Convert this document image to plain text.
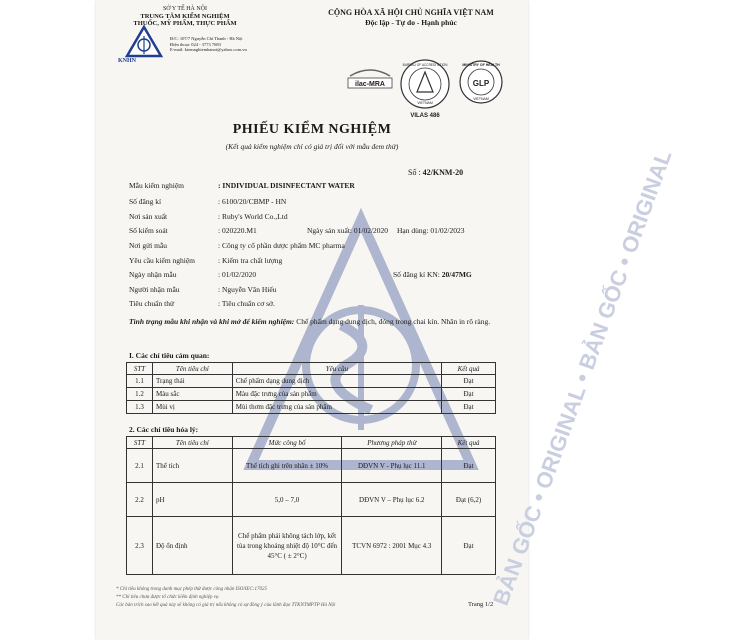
BẢN GỐC • ORIGINAL • BẢN GỐC • ORIGINAL
SỞ Y TẾ HÀ NỘI
TRUNG TÂM KIỂM NGHIỆM
THUỐC, MỸ PHẨM, THỰC PHẨM
KNHN
Đ/C: 107/7 Nguyễn Chí Thanh - Hà Nội
Điện thoại: 024 - 3773 7683
E-mail: kiemnghiemhanoi@yahoo.com.vn
CỘNG HÒA XÃ HỘI CHỦ NGHĨA VIỆT NAM
Độc lập - Tự do - Hạnh phúc
ilac-MRA
BUREAU OF ACCREDITATION
VIETNAM
VILAS 486
MINISTRY OF HEALTH
GLP
VIETNAM
PHIẾU KIỂM NGHIỆM
(Kết quả kiểm nghiệm chỉ có giá trị đối với mẫu đem thử)
Số : 42/KNM-20
Mẫu kiểm nghiệm	: INDIVIDUAL DISINFECTANT WATER
Số đăng kí	: 6100/20/CBMP - HN
Nơi sản xuất	: Ruby's World Co.,Ltd
Số kiểm soát	: 020220.M1	Ngày sản xuất: 01/02/2020 Hạn dùng: 01/02/2023
Nơi gửi mẫu	: Công ty cổ phần dược phẩm MC pharma
Yêu cầu kiểm nghiệm	: Kiểm tra chất lượng
Ngày nhận mẫu	: 01/02/2020	Số đăng kí KN: 20/47MG
Người nhận mẫu	: Nguyễn Văn Hiếu
Tiêu chuẩn thử	: Tiêu chuẩn cơ sở.
Tình trạng mẫu khi nhận và khi mở để kiểm nghiệm: Chế phẩm dạng dung dịch, đóng trong chai kín. Nhãn in rõ ràng.
I. Các chỉ tiêu cảm quan:
STT	Tên tiêu chí	Yêu cầu	Kết quả
1.1	Trạng thái	Chế phẩm dạng dung dịch	Đạt
1.2	Màu sắc	Màu đặc trưng của sản phẩm	Đạt
1.3	Mùi vị	Mùi thơm đặc trưng của sản phẩm	Đạt
2. Các chỉ tiêu hóa lý:
STT	Tên tiêu chí	Mức công bố	Phương pháp thử	Kết quả
2.1	Thể tích	Thể tích ghi trên nhãn ± 10%	DĐVN V - Phụ lục 11.1	Đạt
2.2	pH	5,0 – 7,0	DĐVN V – Phụ lục 6.2	Đạt (6,2)
2.3	Độ ổn định	Chế phẩm phải không tách lớp, kết tủa trong khoảng nhiệt độ 10°C đến 45°C ( ± 2°C)	TCVN 6972 : 2001 Mục 4.3	Đạt
* Chỉ tiêu không trong danh mục phép thử được công nhận ISO/IEC:17025
** Chỉ tiêu chưa được tổ chức kiểm định nghiệp vụ
Các bản trích sao kết quả này sẽ không có giá trị nếu không có sự đồng ý của lãnh đạo TTKNTMPTP Hà Nội	Trang 1/2
